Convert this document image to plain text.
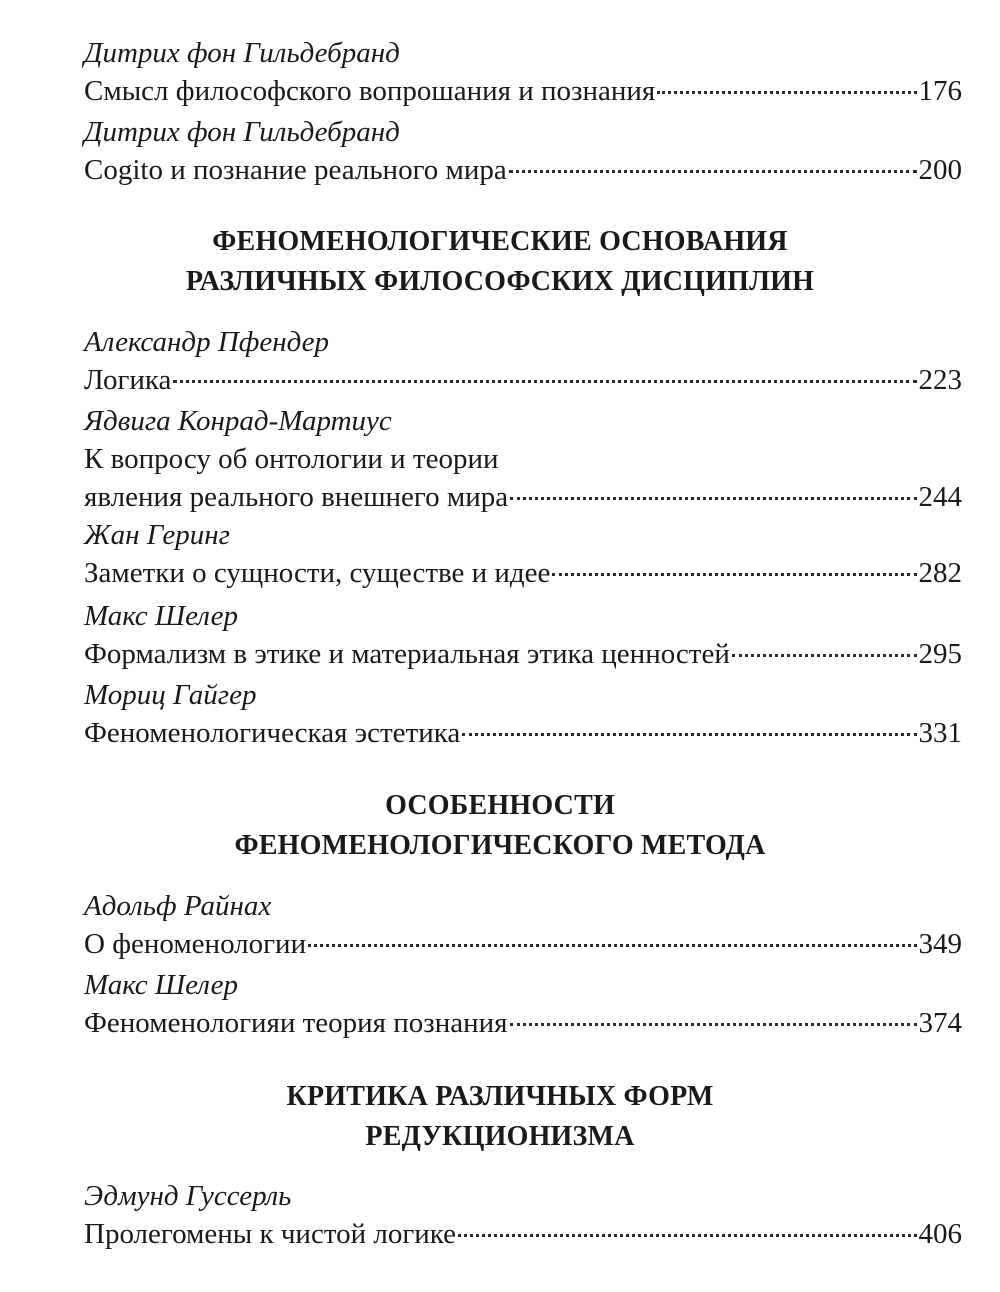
Дитрих фон Гильдебранд
Смысл философского вопрошания и познания	176
Дитрих фон Гильдебранд
Cogito и познание реального мира	200
ФЕНОМЕНОЛОГИЧЕСКИЕ ОСНОВАНИЯ
РАЗЛИЧНЫХ ФИЛОСОФСКИХ ДИСЦИПЛИН
Александр Пфендер
Логика	223
Ядвига Конрад-Мартиус
К вопросу об онтологии и теории
явления реального внешнего мира	244
Жан Геринг
Заметки о сущности, существе и идее	282
Макс Шелер
Формализм в этике и материальная этика ценностей	295
Мориц Гайгер
Феноменологическая эстетика	331
ОСОБЕННОСТИ
ФЕНОМЕНОЛОГИЧЕСКОГО МЕТОДА
Адольф Райнах
О феноменологии	349
Макс Шелер
Феноменологияи теория познания	374
КРИТИКА РАЗЛИЧНЫХ ФОРМ
РЕДУКЦИОНИЗМА
Эдмунд Гуссерль
Пролегомены к чистой логике	406
